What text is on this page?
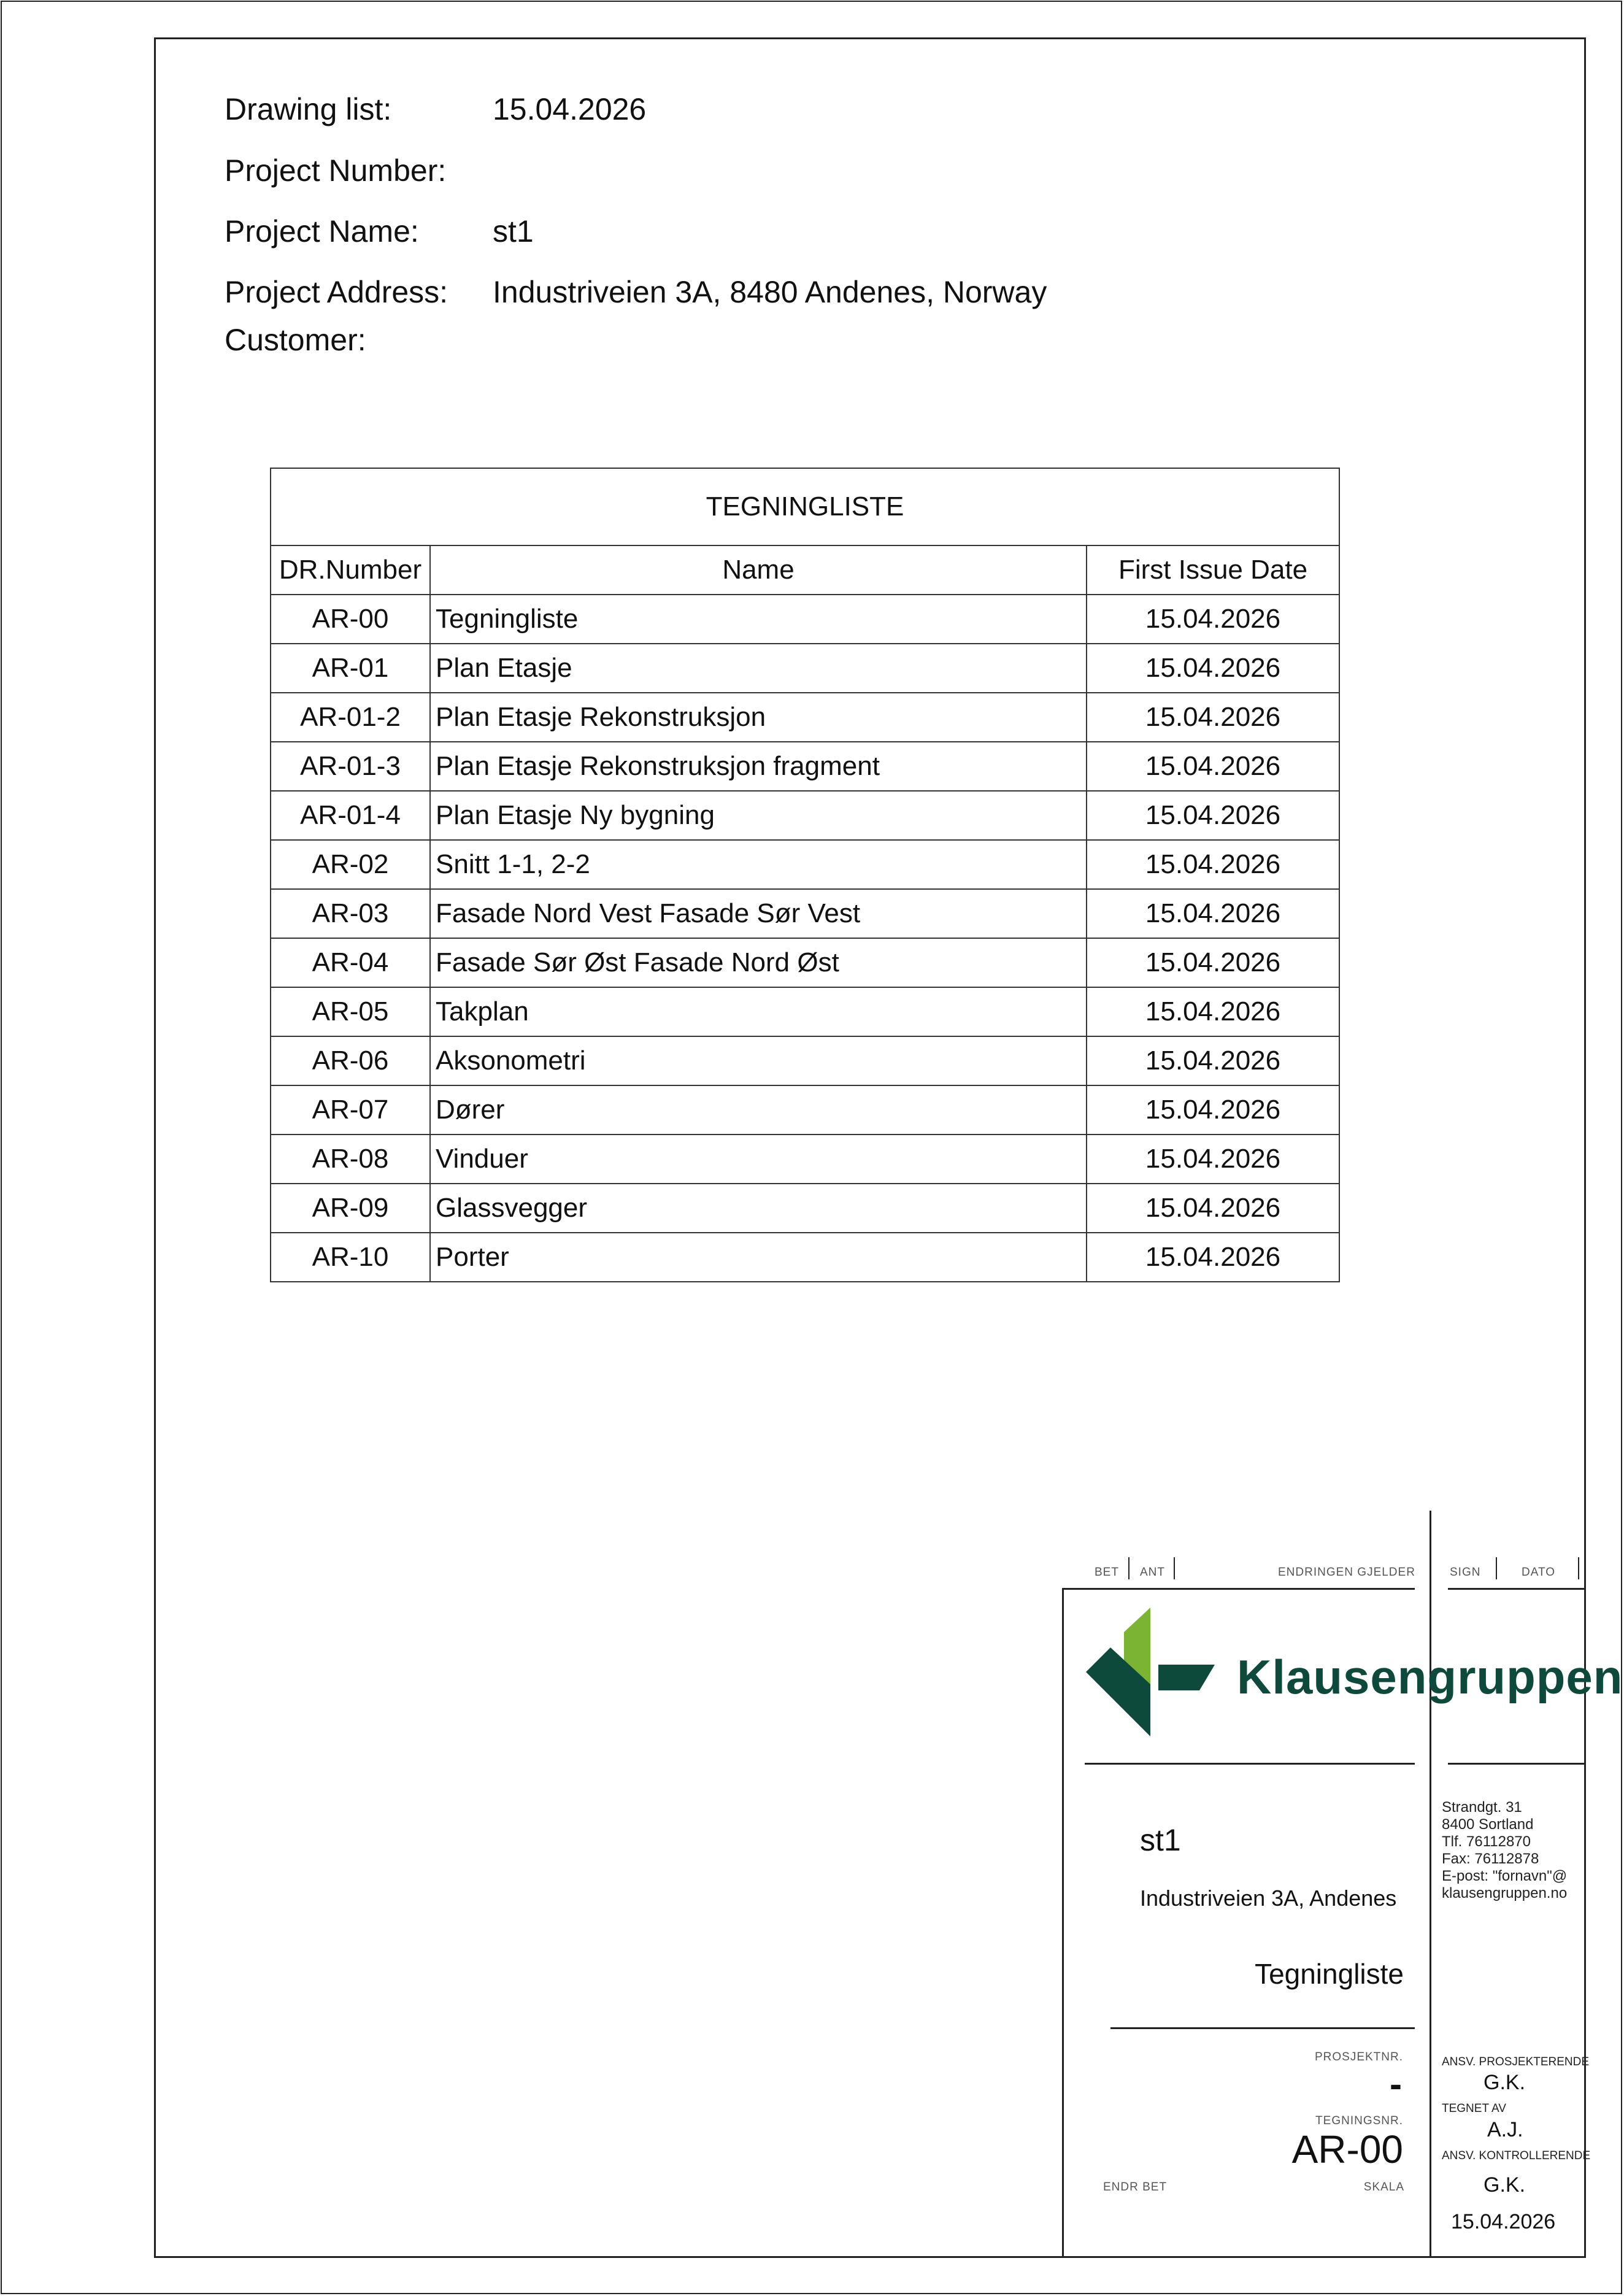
Drawing list:	15.04.2026
Project Number:
Project Name: st1
Project Address: Industriveien 3A, 8480 Andenes, Norway
Customer:
TEGNINGLISTE		
DR.Number	Name	First Issue Date
AR-00	Tegningliste	15.04.2026
AR-01	Plan Etasje	15.04.2026
AR-01-2	Plan Etasje Rekonstruksjon	15.04.2026
AR-01-3	Plan Etasje Rekonstruksjon fragment	15.04.2026
AR-01-4	Plan Etasje Ny bygning	15.04.2026
AR-02	Snitt 1-1, 2-2	15.04.2026
AR-03	Fasade Nord Vest Fasade Sør Vest	15.04.2026
AR-04	Fasade Sør Øst Fasade Nord Øst	15.04.2026
AR-05	Takplan	15.04.2026
AR-06	Aksonometri	15.04.2026
AR-07	Dører	15.04.2026
AR-08	Vinduer	15.04.2026
AR-09	Glassvegger	15.04.2026
AR-10	Porter	15.04.2026
BET ANT	ENDRINGEN GJELDER	SIGN	DATO
Klausengruppen
Strandgt. 31
8400 Sortland
Tlf. 76112870
Fax: 76112878
E-post: "fornavn"@
klausengruppen.no
st1
Industriveien 3A, Andenes
Tegningliste
PROSJEKTNR.
-
TEGNINGSNR.
AR-00
ENDR BET	SKALA
ANSV. PROSJEKTERENDE
G.K.
TEGNET AV
A.J.
ANSV. KONTROLLERENDE
G.K.
15.04.2026
